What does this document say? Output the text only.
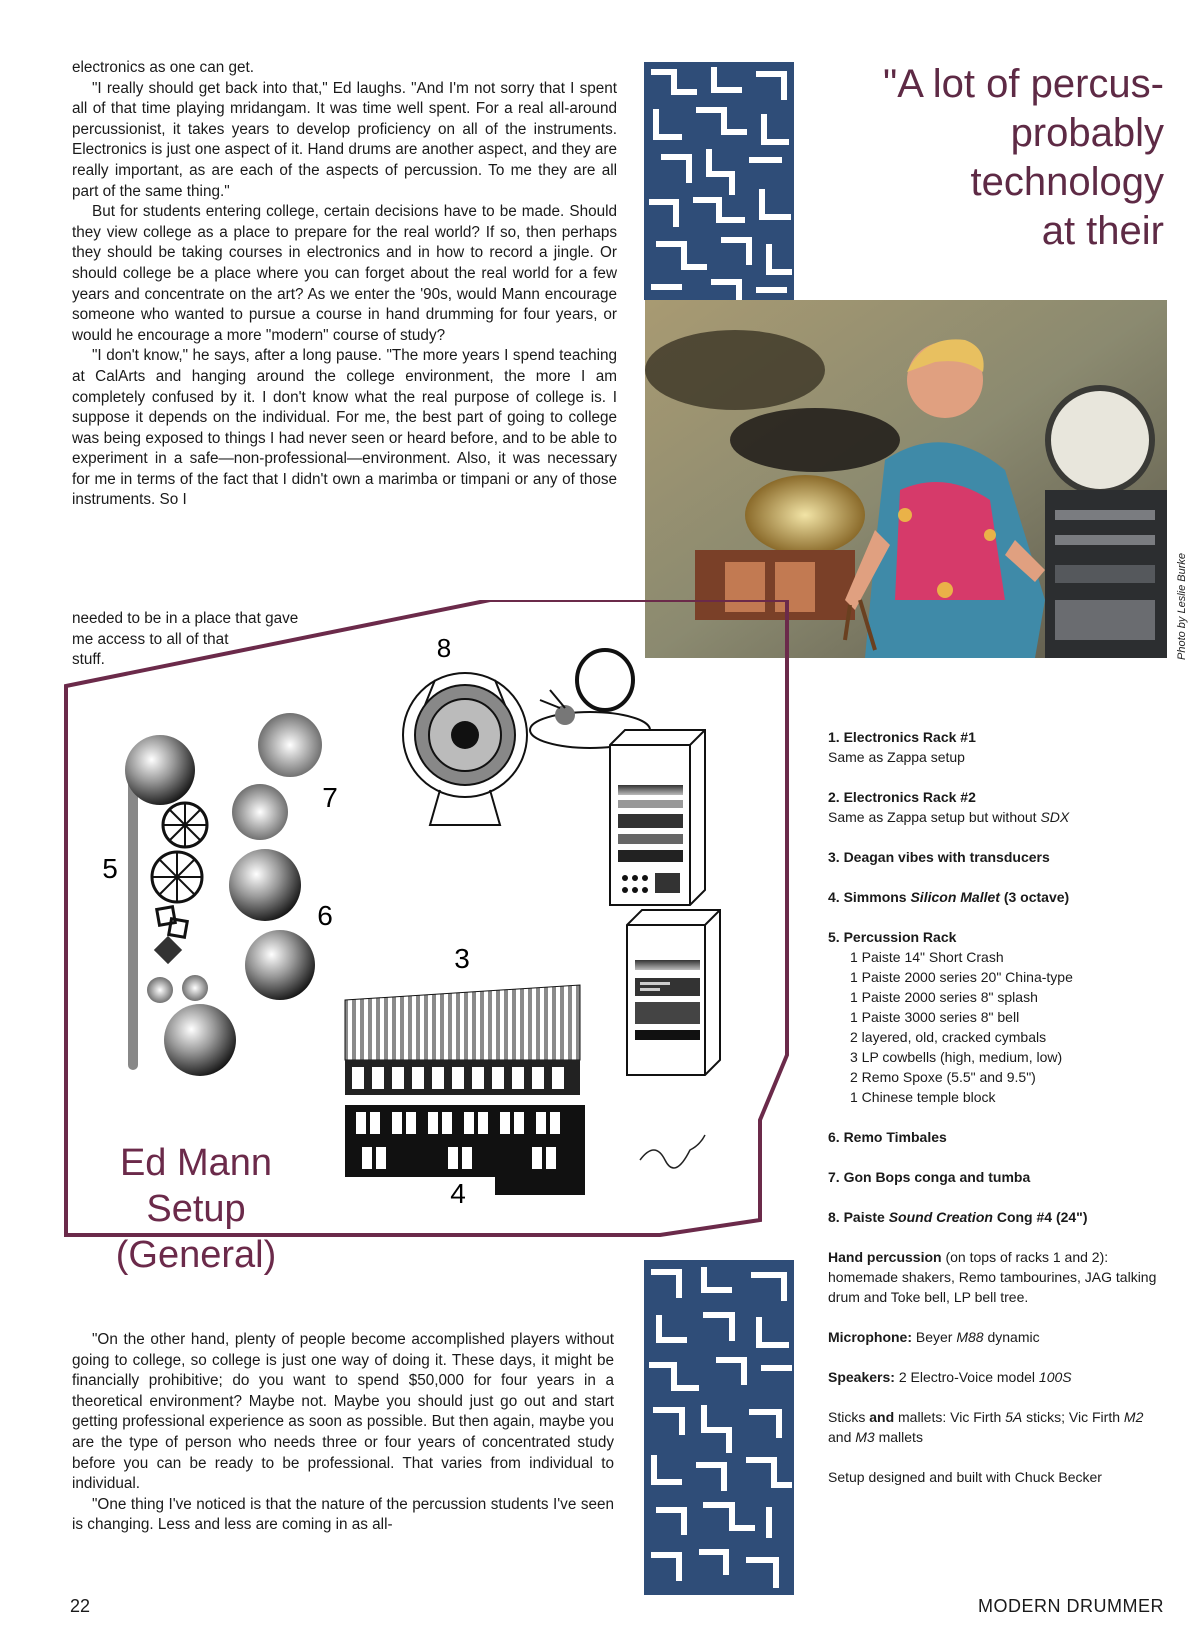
electronics as one can get.

"I really should get back into that," Ed laughs. "And I'm not sorry that I spent all of that time playing mridangam. It was time well spent. For a real all-around percussionist, it takes years to develop proficiency on all of the instruments. Electronics is just one aspect of it. Hand drums are another aspect, and they are really important, as are each of the aspects of percussion. To me they are all part of the same thing."

But for students entering college, certain decisions have to be made. Should they view college as a place to prepare for the real world? If so, then perhaps they should be taking courses in electronics and in how to record a jingle. Or should college be a place where you can forget about the real world for a few years and concentrate on the art? As we enter the '90s, would Mann encourage someone who wanted to pursue a course in hand drumming for four years, or would he encourage a more "modern" course of study?

"I don't know," he says, after a long pause. "The more years I spend teaching at CalArts and hanging around the college environment, the more I am completely confused by it. I don't know what the real purpose of college is. I suppose it depends on the individual. For me, the best part of going to college was being exposed to things I had never seen or heard before, and to be able to experiment in a safe—non-professional—environment. Also, it was necessary for me in terms of the fact that I didn't own a marimba or timpani or any of those instruments. So I

needed to be in a place that gave

me access to all of that

stuff.

"A lot of percus-
probably
technology
at their
Photo by Leslie Burke
8
5
7
6
3
4
Ed Mann
Setup
(General)
1. Electronics Rack #1
Same as Zappa setup
2. Electronics Rack #2
Same as Zappa setup but without SDX
3. Deagan vibes with transducers
4. Simmons Silicon Mallet (3 octave)
5. Percussion Rack
1 Paiste 14" Short Crash
1 Paiste 2000 series 20" China-type
1 Paiste 2000 series 8" splash
1 Paiste 3000 series 8" bell
2 layered, old, cracked cymbals
3 LP cowbells (high, medium, low)
2 Remo Spoxe (5.5" and 9.5")
1 Chinese temple block
6. Remo Timbales
7. Gon Bops conga and tumba
8. Paiste Sound Creation Cong #4 (24")
Hand percussion (on tops of racks 1 and 2): homemade shakers, Remo tambourines, JAG talking drum and Toke bell, LP bell tree.
Microphone: Beyer M88 dynamic
Speakers: 2 Electro-Voice model 100S
Sticks and mallets: Vic Firth 5A sticks; Vic Firth M2 and M3 mallets
Setup designed and built with Chuck Becker

"On the other hand, plenty of people become accomplished players without going to college, so college is just one way of doing it. These days, it might be financially prohibitive; do you want to spend $50,000 for four years in a theoretical environment? Maybe not. Maybe you should just go out and start getting professional experience as soon as possible. But then again, maybe you are the type of person who needs three or four years of concentrated study before you can be ready to be professional. That varies from individual to individual.

"One thing I've noticed is that the nature of the percussion students I've seen is changing. Less and less are coming in as all-

22	MODERN DRUMMER
